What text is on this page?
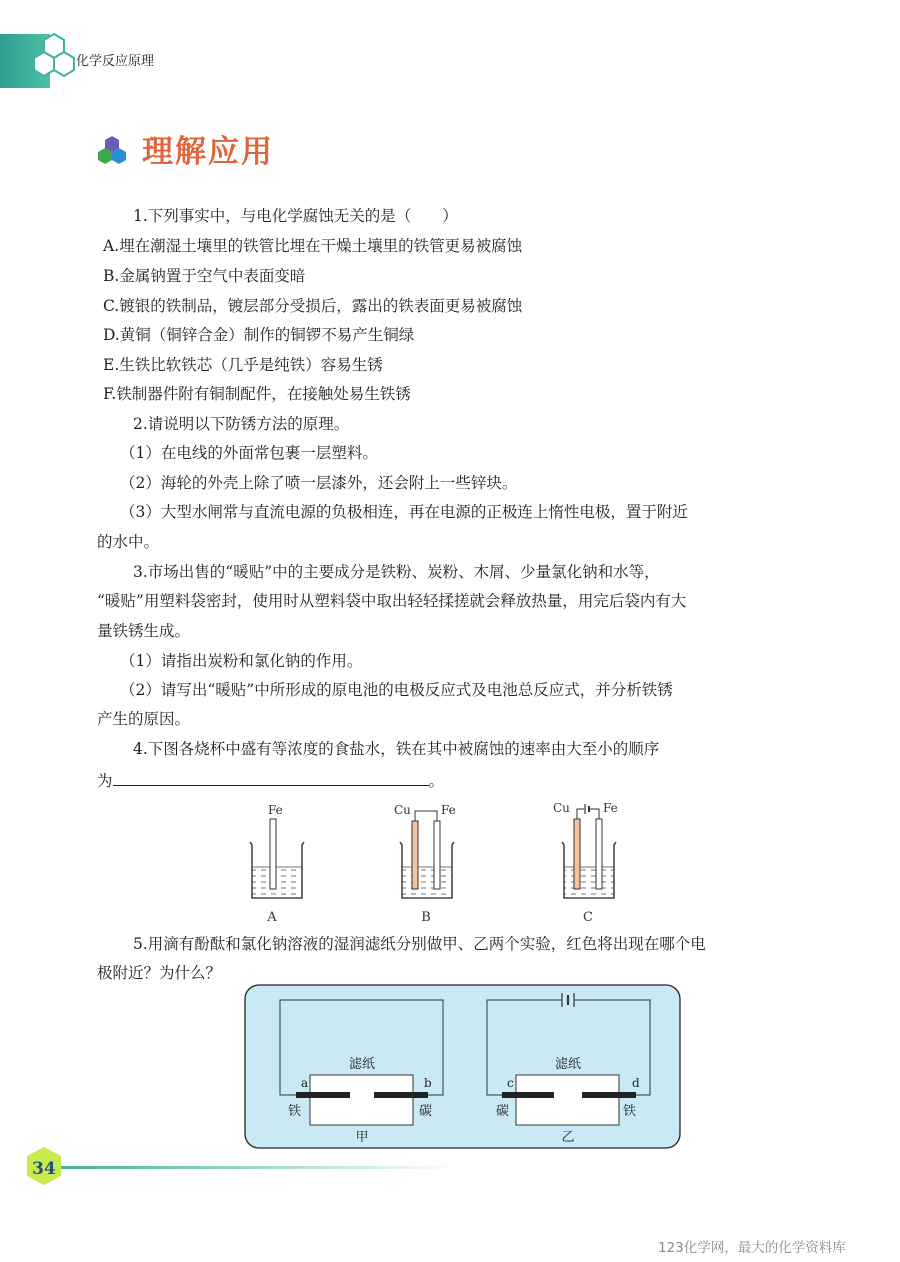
化学反应原理
理解应用
1.下列事实中，与电化学腐蚀无关的是（　　）
A.埋在潮湿土壤里的铁管比埋在干燥土壤里的铁管更易被腐蚀
B.金属钠置于空气中表面变暗
C.镀银的铁制品，镀层部分受损后，露出的铁表面更易被腐蚀
D.黄铜（铜锌合金）制作的铜锣不易产生铜绿
E.生铁比软铁芯（几乎是纯铁）容易生锈
F.铁制器件附有铜制配件，在接触处易生铁锈
2.请说明以下防锈方法的原理。
（1）在电线的外面常包裹一层塑料。
（2）海轮的外壳上除了喷一层漆外，还会附上一些锌块。
（3）大型水闸常与直流电源的负极相连，再在电源的正极连上惰性电极，置于附近
的水中。
3.市场出售的“暖贴”中的主要成分是铁粉、炭粉、木屑、少量氯化钠和水等，
“暖贴”用塑料袋密封，使用时从塑料袋中取出轻轻揉搓就会释放热量，用完后袋内有大
量铁锈生成。
（1）请指出炭粉和氯化钠的作用。
（2）请写出“暖贴”中所形成的原电池的电极反应式及电池总反应式，并分析铁锈
产生的原因。
4.下图各烧杯中盛有等浓度的食盐水，铁在其中被腐蚀的速率由大至小的顺序
为	。
Fe
A
Cu	Fe
B
Cu	Fe
C
5.用滴有酚酞和氯化钠溶液的湿润滤纸分别做甲、乙两个实验，红色将出现在哪个电
极附近？为什么？
滤纸
a	b
铁	碳
甲
滤纸
c	d
碳	铁
乙
34
123化学网，最大的化学资料库
